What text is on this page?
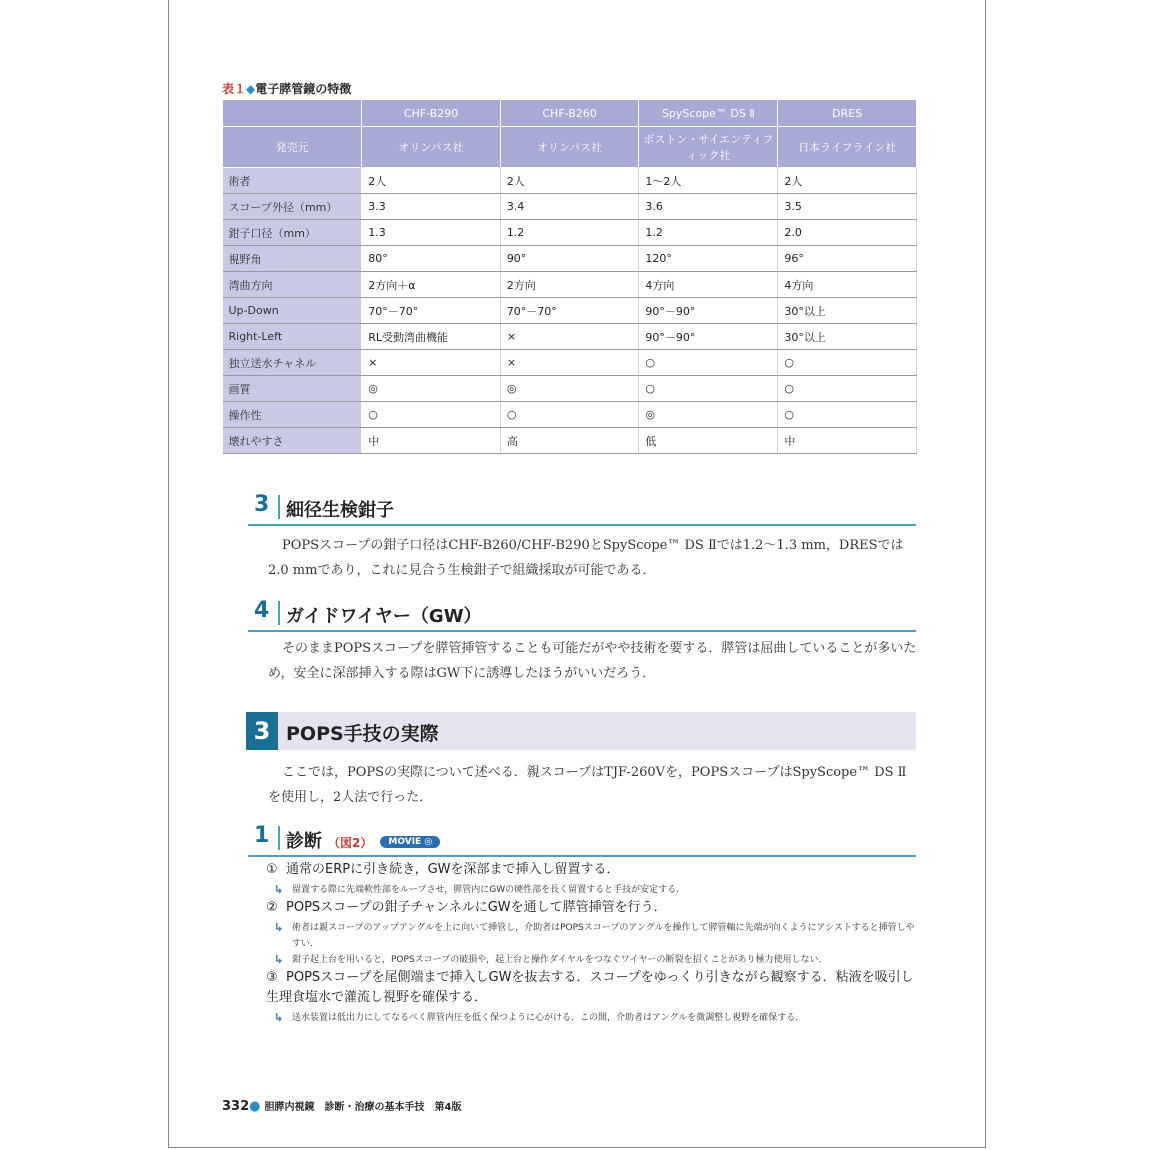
表１◆電子膵管鏡の特徴
	CHF-B290	CHF-B260	SpyScope™ DS Ⅱ	DRES
発売元	オリンパス社	オリンパス社	ボストン・サイエンティフィック社	日本ライフライン社
術者	2人	2人	1〜2人	2人
スコープ外径（mm）	3.3	3.4	3.6	3.5
鉗子口径（mm）	1.3	1.2	1.2	2.0
視野角	80°	90°	120°	96°
湾曲方向	2方向＋α	2方向	4方向	4方向
Up-Down	70°－70°	70°－70°	90°－90°	30°以上
Right-Left	RL受動湾曲機能	×	90°－90°	30°以上
独立送水チャネル	×	×	○	○
画質	◎	◎	○	○
操作性	○	○	◎	○
壊れやすさ	中	高	低	中
3 細径生検鉗子

POPSスコープの鉗子口径はCHF-B260/CHF-B290とSpyScope™ DS Ⅱでは1.2〜1.3 mm，DRESでは2.0 mmであり，これに見合う生検鉗子で組織採取が可能である．

4 ガイドワイヤー（GW）

そのままPOPSスコープを膵管挿管することも可能だがやや技術を要する．膵管は屈曲していることが多いため，安全に深部挿入する際はGW下に誘導したほうがいいだろう．

3 POPS手技の実際

ここでは，POPSの実際について述べる．親スコープはTJF-260Vを，POPSスコープはSpyScope™ DS Ⅱを使用し，2人法で行った．

1 診断 （図2） MOVIE ◎
① 通常のERPに引き続き，GWを深部まで挿入し留置する．
↳ 留置する際に先端軟性部をループさせ，膵管内にGWの硬性部を長く留置すると手技が安定する．
② POPSスコープの鉗子チャンネルにGWを通して膵管挿管を行う．
↳ 術者は親スコープのアップアングルを上に向いて挿管し，介助者はPOPSスコープのアングルを操作して膵管軸に先端が向くようにアシストすると挿管しやすい．
↳ 鉗子起上台を用いると，POPSスコープの破損や，起上台と操作ダイヤルをつなぐワイヤーの断裂を招くことがあり極力使用しない．
③ POPSスコープを尾側端まで挿入しGWを抜去する．スコープをゆっくり引きながら観察する．粘液を吸引し生理食塩水で灌流し視野を確保する．
↳ 送水装置は低出力にしてなるべく膵管内圧を低く保つように心がける．この間，介助者はアングルを微調整し視野を確保する．
332● 胆膵内視鏡　診断・治療の基本手技　第4版
